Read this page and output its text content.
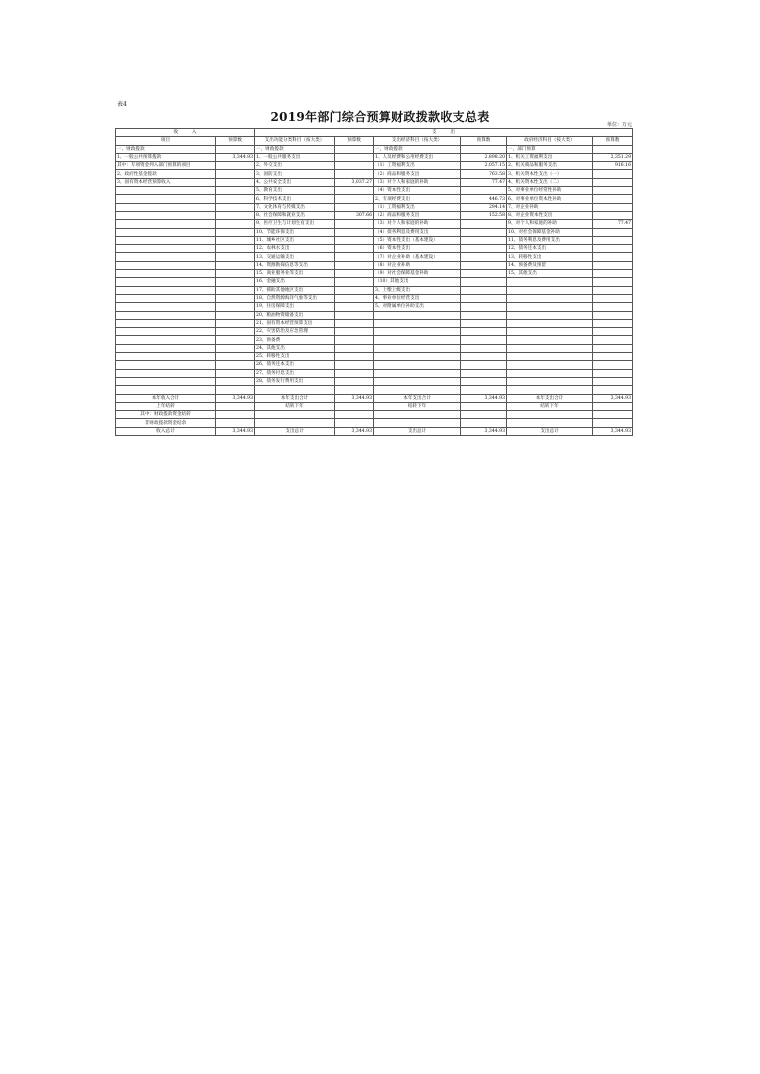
表4
2019年部门综合预算财政拨款收支总表
单位：万元
收　　　入		支　　　出					
项目	预算数	支出功能分类科目（按大类）	预算数	支出经济科目（按大类）	预算数	政府经济科目（按大类）	预算数
一、财政拨款		一、财政拨款		一、财政拨款		一、部门预算	
1、一般公共预算拨款	3,344.93	1、一般公共服务支出		1、人员经费和公用经费支出	2,898.20	1、机关工资福利支出	2,351.29
其中：专项资金列入部门预算的项目		2、外交支出		（1）工资福利支出	2,057.15	2、机关商品和服务支出	916.16
2、政府性基金拨款		3、国防支出		（2）商品和服务支出	763.58	3、机关资本性支出（一）	
3、国有资本经营预算收入		4、公共安全支出	3,037.27	（3）对个人和家庭的补助	77.47	4、机关资本性支出（二）	
		5、教育支出		（4）资本性支出		5、对事业单位经常性补助	
		6、科学技术支出		2、专项经费支出	446.73	6、对事业单位资本性补助	
		7、文化体育与传媒支出		（1）工资福利支出	294.14	7、对企业补助	
		8、社会保障和就业支出	307.66	（2）商品和服务支出	152.58	8、对企业资本性支出	
		9、医疗卫生与计划生育支出		（3）对个人和家庭的补助		9、对个人和家庭的补助	77.47
		10、节能环保支出		（4）债务利息及费用支出		10、对社会保障基金补助	
		11、城乡社区支出		（5）资本性支出（基本建设）		11、债务利息及费用支出	
		12、农林水支出		（6）资本性支出		12、债务还本支出	
		13、交通运输支出		（7）对企业补助（基本建设）		13、转移性支出	
		14、资源勘探信息等支出		（8）对企业补助		14、预备费及预留	
		15、商业服务业等支出		（9）对社会保障基金补助		15、其他支出	
		16、金融支出		（10）其他支出			
		17、援助其他地区支出		3、上缴上级支出			
		18、自然资源海洋气象等支出		4、事业单位经营支出			
		19、住房保障支出		5、对附属单位补助支出			
		20、粮油物资储备支出					
		21、国有资本经营预算支出					
		22、灾害防治及应急管理					
		23、预备费					
		24、其他支出					
		25、转移性支出					
		26、债务还本支出					
		27、债务付息支出					
		28、债务发行费用支出					

本年收入合计	3,344.93	本年支出合计	3,344.93	本年支出合计	3,344.93	本年支出合计	3,344.93
上年结转		结转下年		结转下年		结转下年	
其中：财政拨款资金结转							
非财政拨款资金结余							
收入总计	3,344.93	支出总计	3,344.93	支出总计	3,344.93	支出总计	3,344.93
